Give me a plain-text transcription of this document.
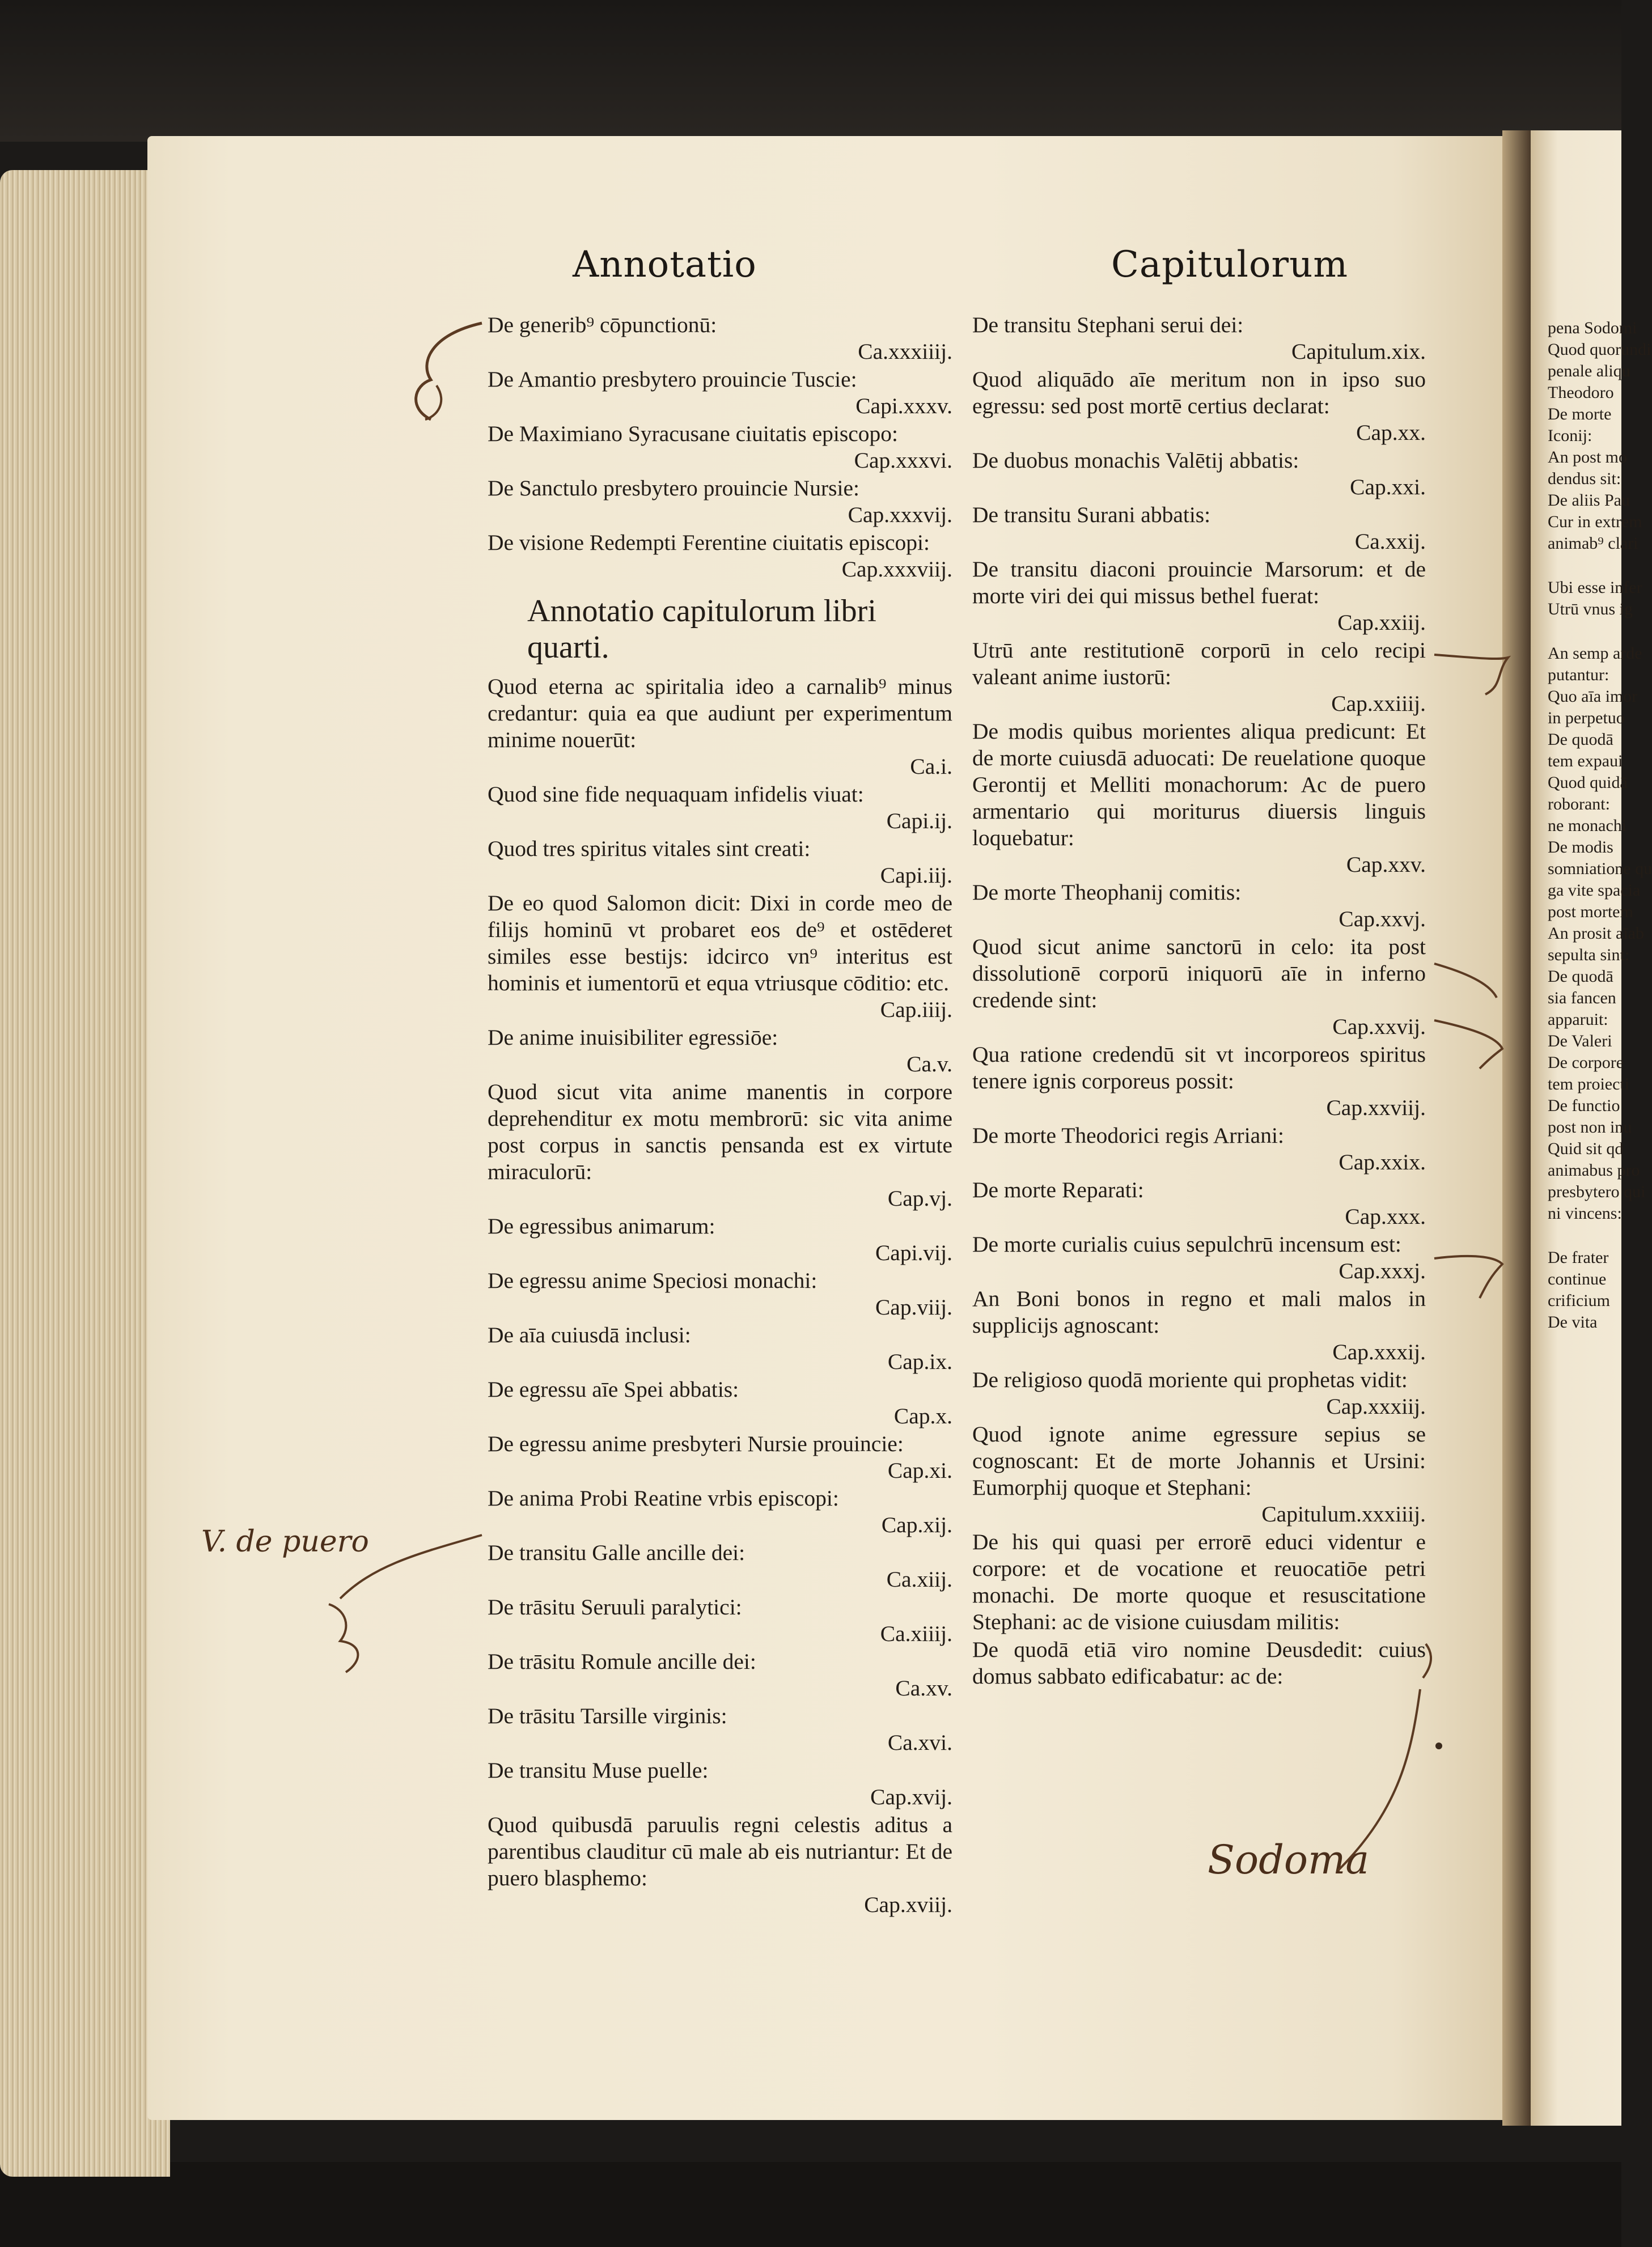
pena Sodomi
Quod quorundi
penale aliqu
Theodoro
De morte
Iconij:
An post mo
dendus sit:
De aliis Pau
Cur in extrem
animab⁹ clari
Ubi esse infer
Utrū vnus ig
An semp arde
putantur:
Quo aīa imor
in perpetuo
De quodā
tem expaui
Quod quidā
roborant:
ne monachi
De modis
somniatione qu
ga vite spacia
post mortem
An prosit aīab
sepulta sint:
De quodā
sia fancen
apparuit:
De Valeri
De corpore
tem proiecti
De functio
post non inu
Quid sit qd
animabus pro
presbytero qui
ni vincens:
De frater
continue
crificium
De vita
Annotatio	Capitulorum
De generib⁹ cōpunctionū:
Ca.xxxiiij.
De Amantio presbytero prouincie Tuscie:
Capi.xxxv.
De Maximiano Syracusane ciuitatis episcopo:
Cap.xxxvi.
De Sanctulo presbytero prouincie Nursie:
Cap.xxxvij.
De visione Redempti Ferentine ciuitatis episcopi:
Cap.xxxviij.
Annotatio capitulorum libri quarti.
Quod eterna ac spiritalia ideo a carnalib⁹ minus credantur: quia ea que audiunt per experimentum minime nouerūt:
Ca.i.
Quod sine fide nequaquam infidelis viuat:
Capi.ij.
Quod tres spiritus vitales sint creati:
Capi.iij.
De eo quod Salomon dicit: Dixi in corde meo de filijs hominū vt probaret eos de⁹ et ostēderet similes esse bestijs: idcirco vn⁹ interitus est hominis et iumentorū et equa vtriusque cōditio: etc.
Cap.iiij.
De anime inuisibiliter egressiōe:
Ca.v.
Quod sicut vita anime manentis in corpore deprehenditur ex motu membrorū: sic vita anime post corpus in sanctis pensanda est ex virtute miraculorū:
Cap.vj.
De egressibus animarum:
Capi.vij.
De egressu anime Speciosi monachi:
Cap.viij.
De aīa cuiusdā inclusi:
Cap.ix.
De egressu aīe Spei abbatis:
Cap.x.
De egressu anime presbyteri Nursie prouincie:
Cap.xi.
De anima Probi Reatine vrbis episcopi:
Cap.xij.
De transitu Galle ancille dei:
Ca.xiij.
De trāsitu Seruuli paralytici:
Ca.xiiij.
De trāsitu Romule ancille dei:
Ca.xv.
De trāsitu Tarsille virginis:
Ca.xvi.
De transitu Muse puelle:
Cap.xvij.
Quod quibusdā paruulis regni celestis aditus a parentibus clauditur cū male ab eis nutriantur: Et de puero blasphemo:
Cap.xviij.
De transitu Stephani serui dei:
Capitulum.xix.
Quod aliquādo aīe meritum non in ipso suo egressu: sed post mortē certius declarat:
Cap.xx.
De duobus monachis Valētij abbatis:
Cap.xxi.
De transitu Surani abbatis:
Ca.xxij.
De transitu diaconi prouincie Marsorum: et de morte viri dei qui missus bethel fuerat:
Cap.xxiij.
Utrū ante restitutionē corporū in celo recipi valeant anime iustorū:
Cap.xxiiij.
De modis quibus morientes aliqua predicunt: Et de morte cuiusdā aduocati: De reuelatione quoque Gerontij et Melliti monachorum: Ac de puero armentario qui moriturus diuersis linguis loquebatur:
Cap.xxv.
De morte Theophanij comitis:
Cap.xxvj.
Quod sicut anime sanctorū in celo: ita post dissolutionē corporū iniquorū aīe in inferno credende sint:
Cap.xxvij.
Qua ratione credendū sit vt incorporeos spiritus tenere ignis corporeus possit:
Cap.xxviij.
De morte Theodorici regis Arriani:
Cap.xxix.
De morte Reparati:
Cap.xxx.
De morte curialis cuius sepulchrū incensum est:
Cap.xxxj.
An Boni bonos in regno et mali malos in supplicijs agnoscant:
Cap.xxxij.
De religioso quodā moriente qui prophetas vidit:
Cap.xxxiij.
Quod ignote anime egressure sepius se cognoscant: Et de morte Johannis et Ursini: Eumorphij quoque et Stephani:
Capitulum.xxxiiij.
De his qui quasi per errorē educi videntur e corpore: et de vocatione et reuocatiōe petri monachi. De morte quoque et resuscitatione Stephani: ac de visione cuiusdam militis:
De quodā etiā viro nomine Deusdedit: cuius domus sabbato edificabatur: ac de:
V. de puero
Sodoma
